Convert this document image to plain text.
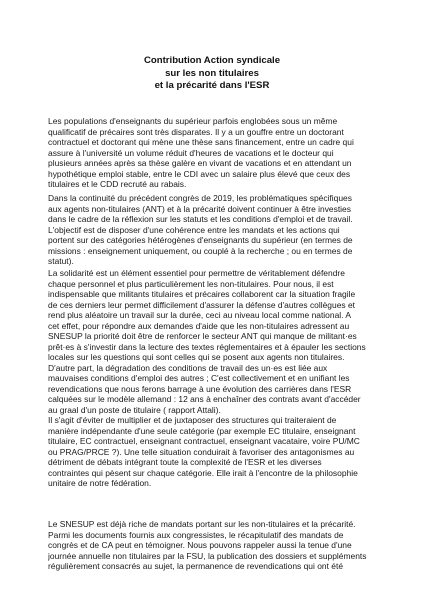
Contribution Action syndicale
sur les non titulaires
et la précarité dans l'ESR
Les populations d'enseignants du supérieur parfois englobées sous un même
qualificatif de précaires sont très disparates. Il y a un gouffre entre un doctorant
contractuel et doctorant qui mène une thèse sans financement, entre un cadre qui
assure à l'université un volume réduit d'heures de vacations et le docteur qui
plusieurs années après sa thèse galère en vivant de vacations et en attendant un
hypothétique emploi stable, entre le CDI avec un salaire plus élevé que ceux des
titulaires et le CDD recruté au rabais.
Dans la continuité du précédent congrès de 2019, les problématiques spécifiques
aux agents non-titulaires (ANT) et à la précarité doivent continuer à être investies
dans le cadre de la réflexion sur les statuts et les conditions d'emploi et de travail.
L'objectif est de disposer d'une cohérence entre les mandats et les actions qui
portent sur des catégories hétérogènes d'enseignants du supérieur (en termes de
missions : enseignement uniquement, ou couplé à la recherche ; ou en termes de
statut).
La solidarité est un élément essentiel pour permettre de véritablement défendre
chaque personnel et plus particulièrement les non-titulaires. Pour nous, il est
indispensable que militants titulaires et précaires collaborent car la situation fragile
de ces derniers leur permet difficilement d'assurer la défense d'autres collègues et
rend plus aléatoire un travail sur la durée, ceci au niveau local comme national. A
cet effet, pour répondre aux demandes d'aide que les non-titulaires adressent au
SNESUP la priorité doit être de renforcer le secteur ANT qui manque de militant·es
prêt·es à s'investir dans la lecture des textes réglementaires et à épauler les sections
locales sur les questions qui sont celles qui se posent aux agents non titulaires.
D'autre part, la dégradation des conditions de travail des un·es est liée aux
mauvaises conditions d'emploi des autres ; C'est collectivement et en unifiant les
revendications que nous ferons barrage à une évolution des carrières dans l'ESR
calquées sur le modèle allemand : 12 ans à enchaîner des contrats avant d'accéder
au graal d'un poste de titulaire ( rapport Attali).
Il s'agit d'éviter de multiplier et de juxtaposer des structures qui traiteraient de
manière indépendante d'une seule catégorie (par exemple EC titulaire, enseignant
titulaire, EC contractuel, enseignant contractuel, enseignant vacataire, voire PU/MC
ou PRAG/PRCE ?). Une telle situation conduirait à favoriser des antagonismes au
détriment de débats intégrant toute la complexité de l'ESR et les diverses
contraintes qui pèsent sur chaque catégorie. Elle irait à l'encontre de la philosophie
unitaire de notre fédération.
Le SNESUP est déjà riche de mandats portant sur les non-titulaires et la précarité.
Parmi les documents fournis aux congressistes, le récapitulatif des mandats de
congrès et de CA peut en témoigner. Nous pouvons rappeler aussi la tenue d'une
journée annuelle non titulaires par la FSU, la publication des dossiers et suppléments
régulièrement consacrés au sujet, la permanence de revendications qui ont été
